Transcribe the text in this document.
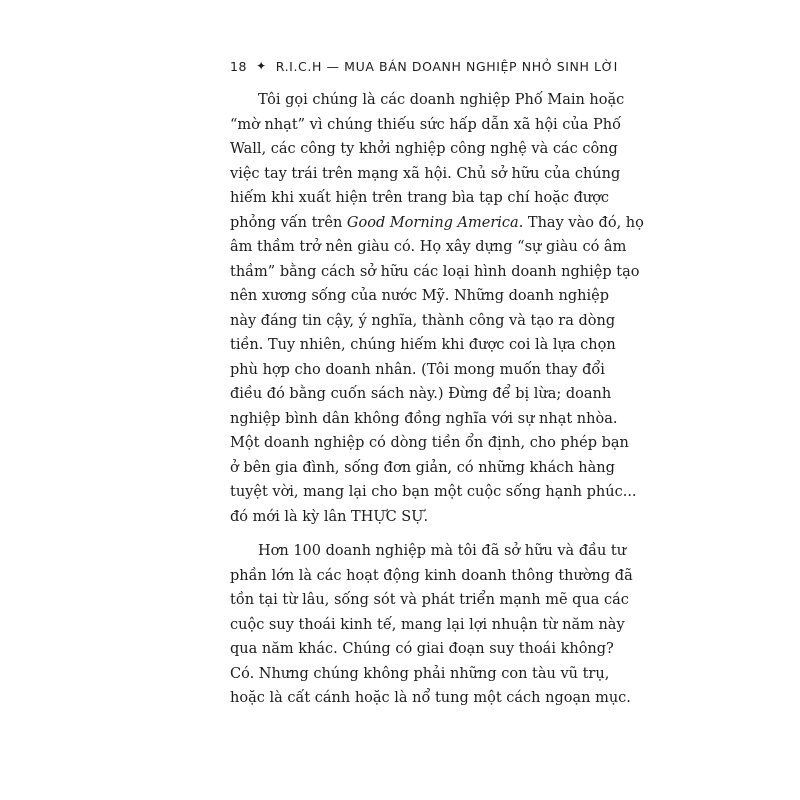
18 ✦ R.I.C.H — MUA BÁN DOANH NGHIỆP NHỎ SINH LỜI
Tôi gọi chúng là các doanh nghiệp Phố Main hoặc
“mờ nhạt” vì chúng thiếu sức hấp dẫn xã hội của Phố
Wall, các công ty khởi nghiệp công nghệ và các công
việc tay trái trên mạng xã hội. Chủ sở hữu của chúng
hiếm khi xuất hiện trên trang bìa tạp chí hoặc được
phỏng vấn trên Good Morning America. Thay vào đó, họ
âm thầm trở nên giàu có. Họ xây dựng “sự giàu có âm
thầm” bằng cách sở hữu các loại hình doanh nghiệp tạo
nên xương sống của nước Mỹ. Những doanh nghiệp
này đáng tin cậy, ý nghĩa, thành công và tạo ra dòng
tiền. Tuy nhiên, chúng hiếm khi được coi là lựa chọn
phù hợp cho doanh nhân. (Tôi mong muốn thay đổi
điều đó bằng cuốn sách này.) Đừng để bị lừa; doanh
nghiệp bình dân không đồng nghĩa với sự nhạt nhòa.
Một doanh nghiệp có dòng tiền ổn định, cho phép bạn
ở bên gia đình, sống đơn giản, có những khách hàng
tuyệt vời, mang lại cho bạn một cuộc sống hạnh phúc...
đó mới là kỳ lân THỰC SỰ.
Hơn 100 doanh nghiệp mà tôi đã sở hữu và đầu tư
phần lớn là các hoạt động kinh doanh thông thường đã
tồn tại từ lâu, sống sót và phát triển mạnh mẽ qua các
cuộc suy thoái kinh tế, mang lại lợi nhuận từ năm này
qua năm khác. Chúng có giai đoạn suy thoái không?
Có. Nhưng chúng không phải những con tàu vũ trụ,
hoặc là cất cánh hoặc là nổ tung một cách ngoạn mục.
